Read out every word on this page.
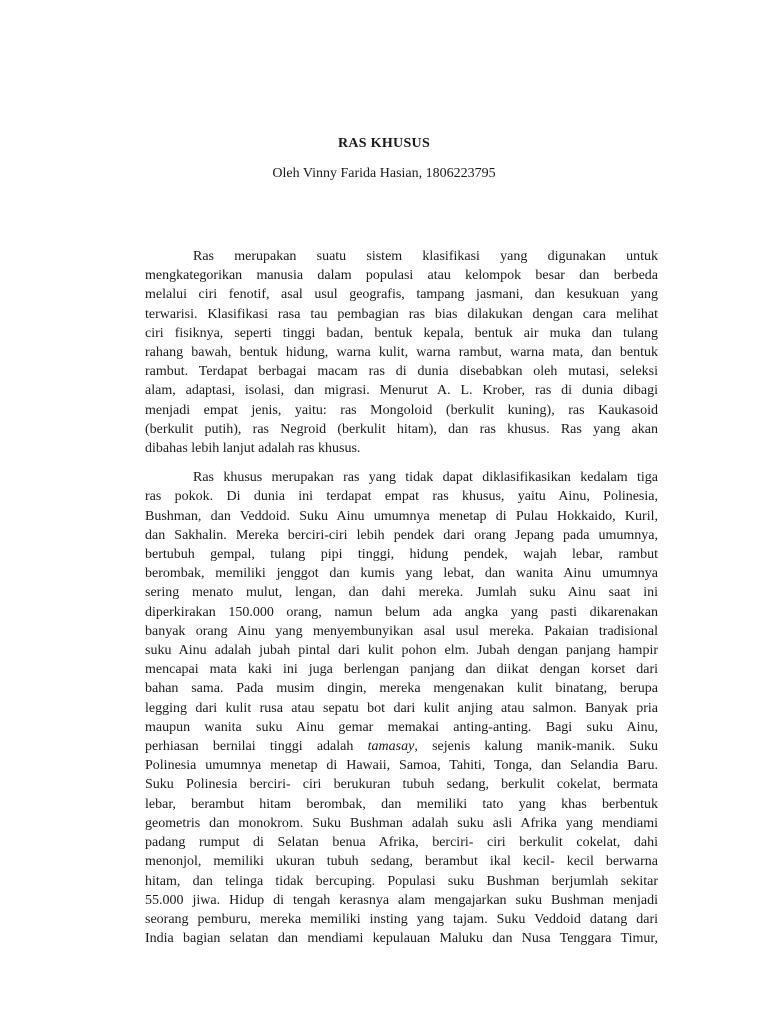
RAS KHUSUS

Oleh Vinny Farida Hasian, 1806223795

Ras merupakan suatu sistem klasifikasi yang digunakan untuk
mengkategorikan manusia dalam populasi atau kelompok besar dan berbeda
melalui ciri fenotif, asal usul geografis, tampang jasmani, dan kesukuan yang
terwarisi. Klasifikasi rasa tau pembagian ras bias dilakukan dengan cara melihat
ciri fisiknya, seperti tinggi badan, bentuk kepala, bentuk air muka dan tulang
rahang bawah, bentuk hidung, warna kulit, warna rambut, warna mata, dan bentuk
rambut. Terdapat berbagai macam ras di dunia disebabkan oleh mutasi, seleksi
alam, adaptasi, isolasi, dan migrasi. Menurut A. L. Krober, ras di dunia dibagi
menjadi empat jenis, yaitu: ras Mongoloid (berkulit kuning), ras Kaukasoid
(berkulit putih), ras Negroid (berkulit hitam), dan ras khusus. Ras yang akan
dibahas lebih lanjut adalah ras khusus.
Ras khusus merupakan ras yang tidak dapat diklasifikasikan kedalam tiga
ras pokok. Di dunia ini terdapat empat ras khusus, yaitu Ainu, Polinesia,
Bushman, dan Veddoid. Suku Ainu umumnya menetap di Pulau Hokkaido, Kuril,
dan Sakhalin. Mereka berciri-ciri lebih pendek dari orang Jepang pada umumnya,
bertubuh gempal, tulang pipi tinggi, hidung pendek, wajah lebar, rambut
berombak, memiliki jenggot dan kumis yang lebat, dan wanita Ainu umumnya
sering menato mulut, lengan, dan dahi mereka. Jumlah suku Ainu saat ini
diperkirakan 150.000 orang, namun belum ada angka yang pasti dikarenakan
banyak orang Ainu yang menyembunyikan asal usul mereka. Pakaian tradisional
suku Ainu adalah jubah pintal dari kulit pohon elm. Jubah dengan panjang hampir
mencapai mata kaki ini juga berlengan panjang dan diikat dengan korset dari
bahan sama. Pada musim dingin, mereka mengenakan kulit binatang, berupa
legging dari kulit rusa atau sepatu bot dari kulit anjing atau salmon. Banyak pria
maupun wanita suku Ainu gemar memakai anting-anting. Bagi suku Ainu,
perhiasan bernilai tinggi adalah tamasay, sejenis kalung manik-manik. Suku
Polinesia umumnya menetap di Hawaii, Samoa, Tahiti, Tonga, dan Selandia Baru.
Suku Polinesia berciri- ciri berukuran tubuh sedang, berkulit cokelat, bermata
lebar, berambut hitam berombak, dan memiliki tato yang khas berbentuk
geometris dan monokrom. Suku Bushman adalah suku asli Afrika yang mendiami
padang rumput di Selatan benua Afrika, berciri- ciri berkulit cokelat, dahi
menonjol, memiliki ukuran tubuh sedang, berambut ikal kecil- kecil berwarna
hitam, dan telinga tidak bercuping. Populasi suku Bushman berjumlah sekitar
55.000 jiwa. Hidup di tengah kerasnya alam mengajarkan suku Bushman menjadi
seorang pemburu, mereka memiliki insting yang tajam. Suku Veddoid datang dari
India bagian selatan dan mendiami kepulauan Maluku dan Nusa Tenggara Timur,
